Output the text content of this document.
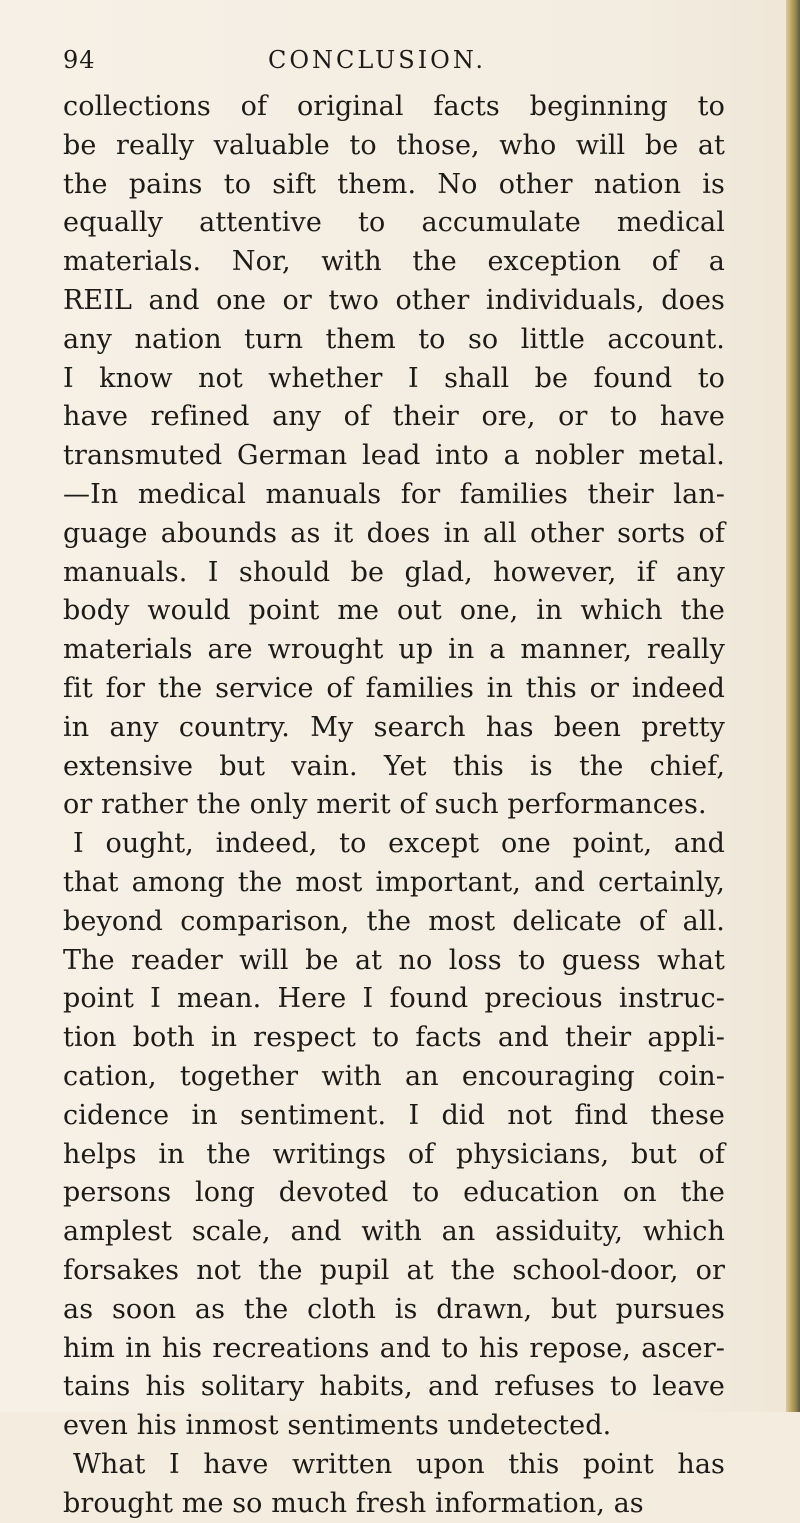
94	CONCLUSION.
collections of original facts beginning to
be really valuable to those, who will be at
the pains to sift them. No other nation is
equally attentive to accumulate medical
materials. Nor, with the exception of a
REIL and one or two other individuals, does
any nation turn them to so little account.
I know not whether I shall be found to
have refined any of their ore, or to have
transmuted German lead into a nobler metal.
—In medical manuals for families their lan-
guage abounds as it does in all other sorts of
manuals. I should be glad, however, if any
body would point me out one, in which the
materials are wrought up in a manner, really
fit for the service of families in this or indeed
in any country. My search has been pretty
extensive but vain. Yet this is the chief,
or rather the only merit of such performances.
I ought, indeed, to except one point, and
that among the most important, and certainly,
beyond comparison, the most delicate of all.
The reader will be at no loss to guess what
point I mean. Here I found precious instruc-
tion both in respect to facts and their appli-
cation, together with an encouraging coin-
cidence in sentiment. I did not find these
helps in the writings of physicians, but of
persons long devoted to education on the
amplest scale, and with an assiduity, which
forsakes not the pupil at the school-door, or
as soon as the cloth is drawn, but pursues
him in his recreations and to his repose, ascer-
tains his solitary habits, and refuses to leave
even his inmost sentiments undetected.
What I have written upon this point has
brought me so much fresh information, as
